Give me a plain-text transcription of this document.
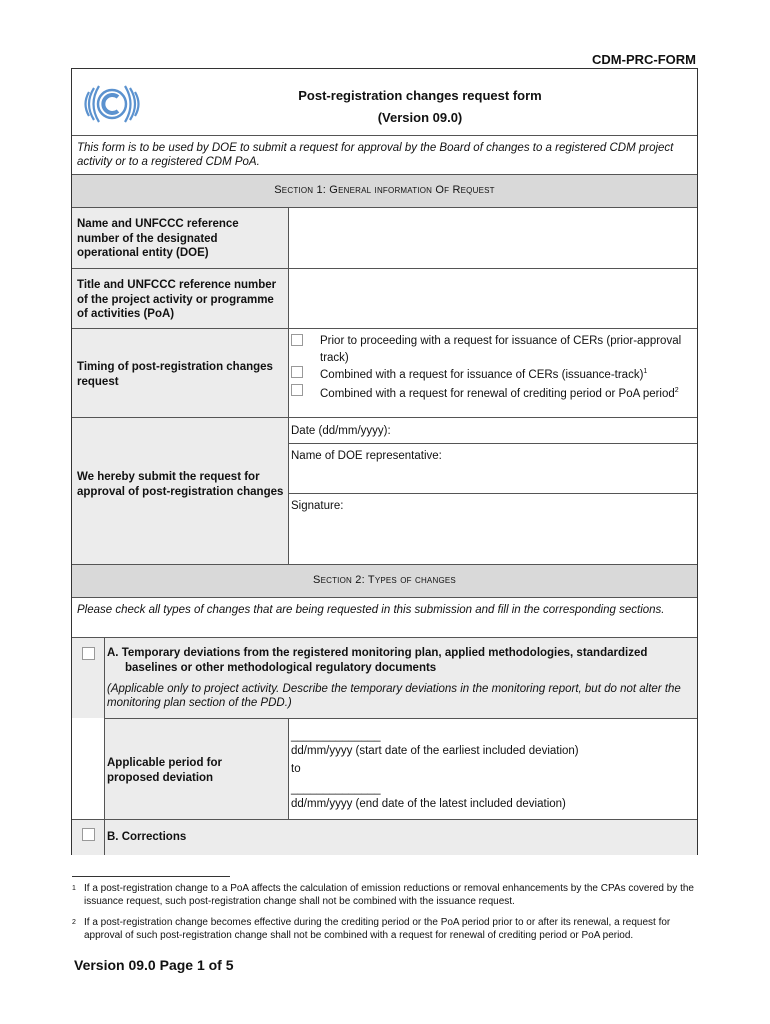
CDM-PRC-FORM
Post-registration changes request form
(Version 09.0)
This form is to be used by DOE to submit a request for approval by the Board of changes to a registered CDM project activity or to a registered CDM PoA.
Section 1: General information Of Request
Name and UNFCCC reference number of the designated operational entity (DOE)
Title and UNFCCC reference number of the project activity or programme of activities (PoA)
Timing of post-registration changes request
Prior to proceeding with a request for issuance of CERs (prior-approval track)
Combined with a request for issuance of CERs (issuance-track)$^1$
Combined with a request for renewal of crediting period or PoA period$^2$
We hereby submit the request for approval of post-registration changes
Date (dd/mm/yyyy):
Name of DOE representative:
Signature:
Section 2: Types of changes
Please check all types of changes that are being requested in this submission and fill in the corresponding sections.
A. Temporary deviations from the registered monitoring plan, applied methodologies, standardized baselines or other methodological regulatory documents
(Applicable only to project activity. Describe the temporary deviations in the monitoring report, but do not alter the monitoring plan section of the PDD.)
Applicable period for proposed deviation
______________
dd/mm/yyyy (start date of the earliest included deviation)
to
______________
dd/mm/yyyy (end date of the latest included deviation)
B. Corrections
1 If a post-registration change to a PoA affects the calculation of emission reductions or removal enhancements by the CPAs covered by the issuance request, such post-registration change shall not be combined with the issuance request.
2 If a post-registration change becomes effective during the crediting period or the PoA period prior to or after its renewal, a request for approval of such post-registration change shall not be combined with a request for renewal of crediting period or PoA period.
Version 09.0 Page 1 of 5
